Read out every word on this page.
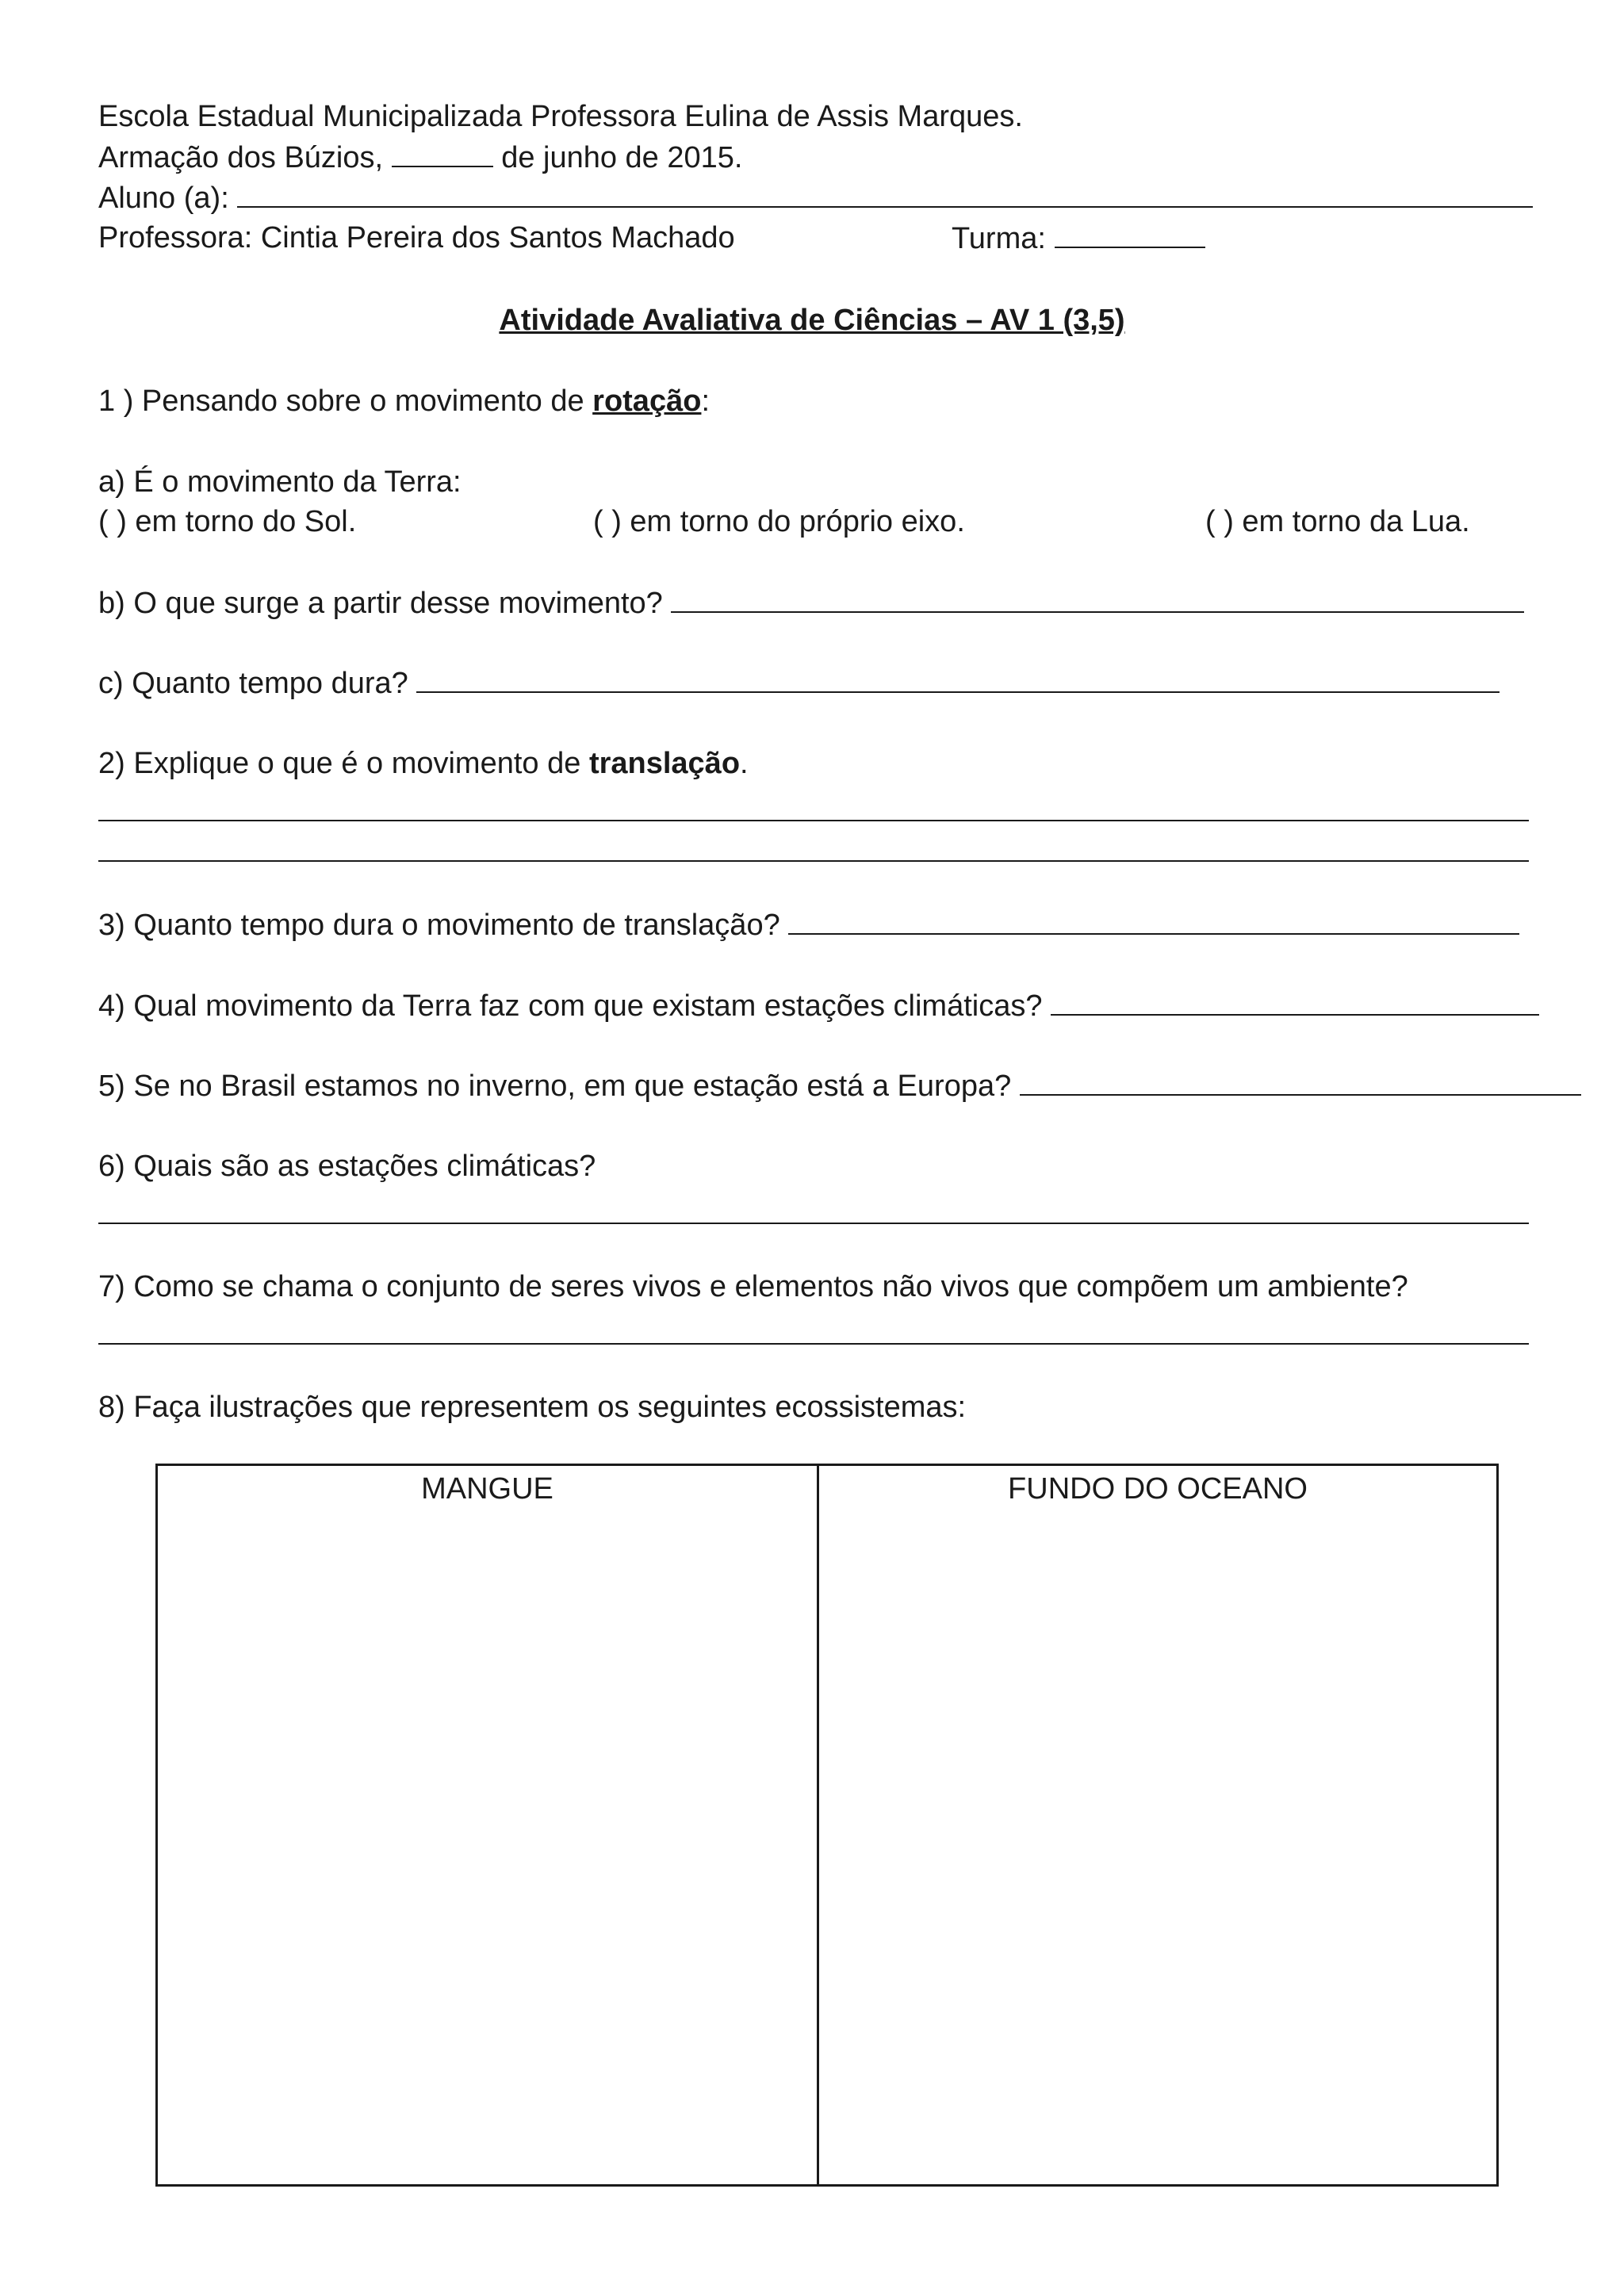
Escola Estadual Municipalizada Professora Eulina de Assis Marques.
Armação dos Búzios,	de junho de 2015.
Aluno (a):
Professora: Cintia Pereira dos Santos Machado	Turma:
Atividade Avaliativa de Ciências – AV 1 (3,5)
1 ) Pensando sobre o movimento de rotação:
a) É o movimento da Terra:
( ) em torno do Sol.	( ) em torno do próprio eixo.	( ) em torno da Lua.
b) O que surge a partir desse movimento?
c) Quanto tempo dura?
2) Explique o que é o movimento de translação.
3) Quanto tempo dura o movimento de translação?
4) Qual movimento da Terra faz com que existam estações climáticas?
5) Se no Brasil estamos no inverno, em que estação está a Europa?
6) Quais são as estações climáticas?
7) Como se chama o conjunto de seres vivos e elementos não vivos que compõem um ambiente?
8) Faça ilustrações que representem os seguintes ecossistemas:
MANGUE	FUNDO DO OCEANO
